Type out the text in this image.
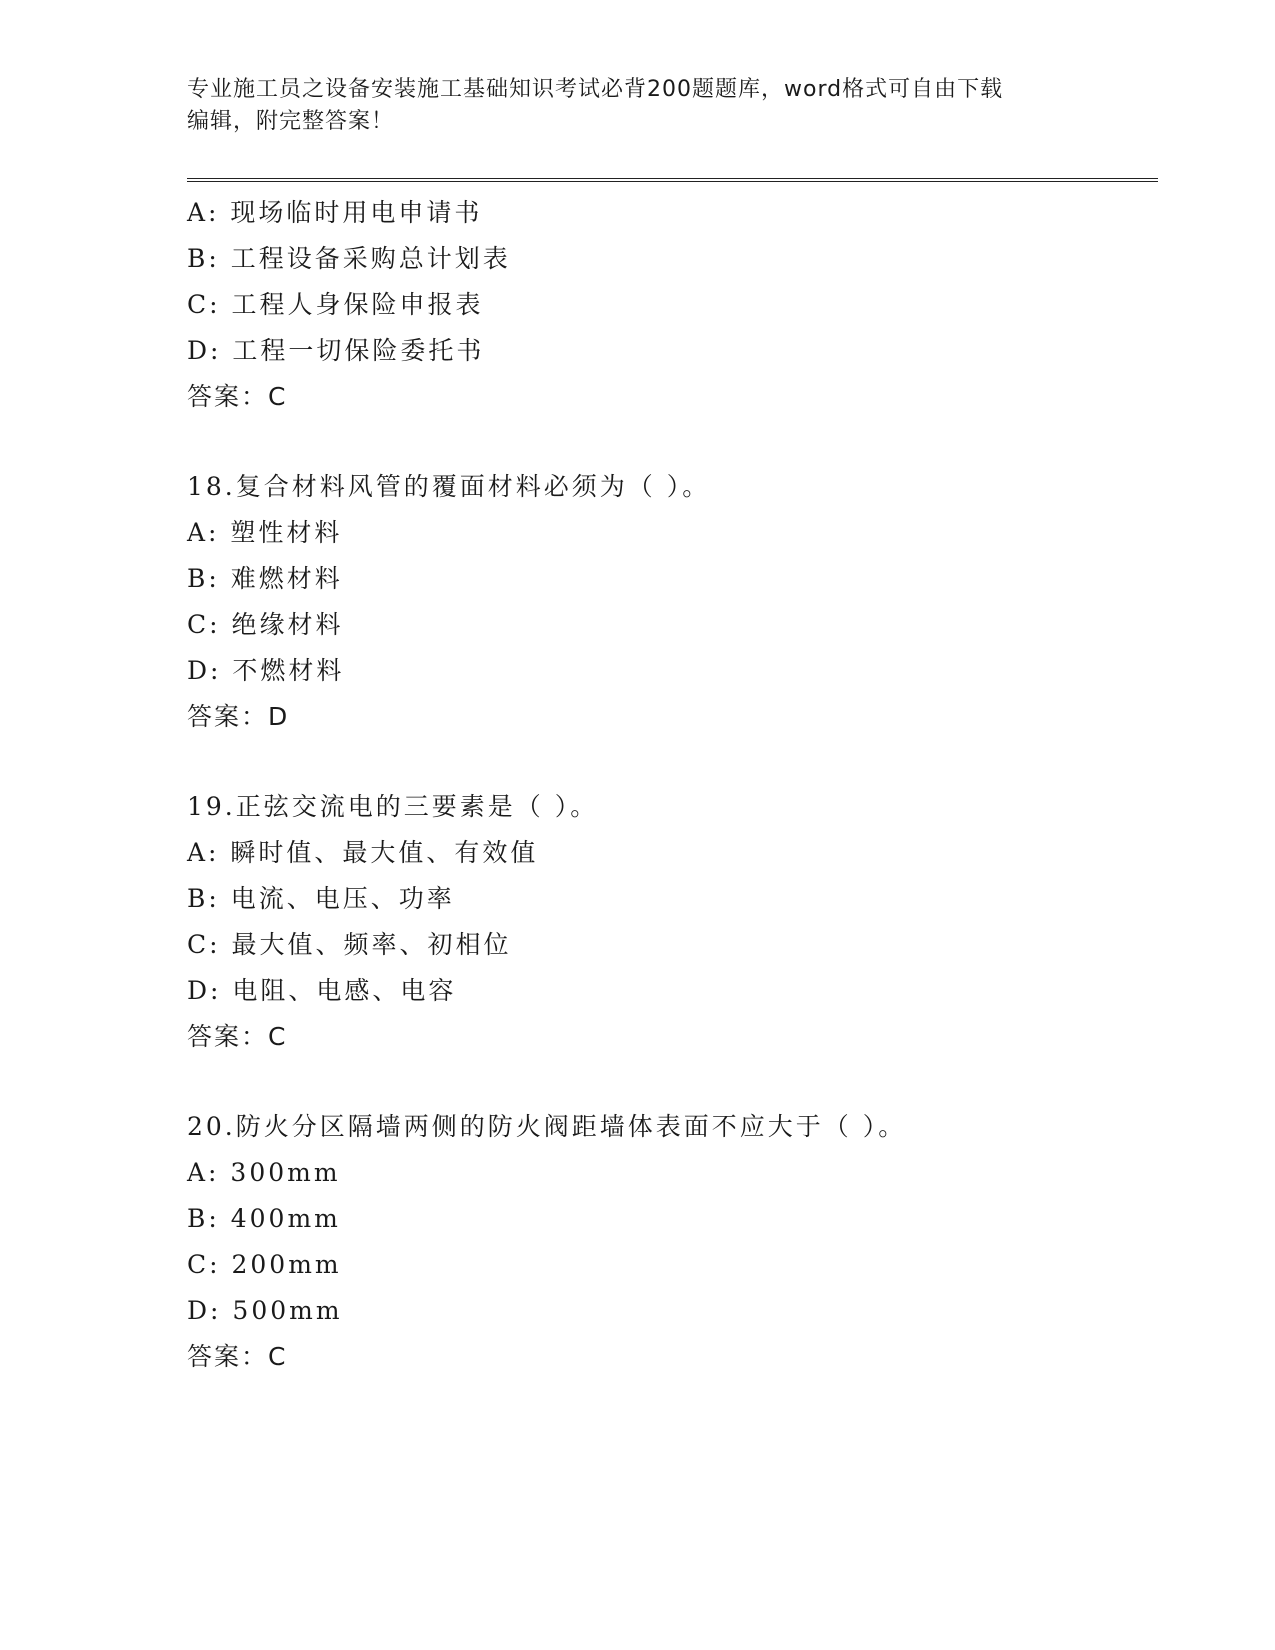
专业施工员之设备安装施工基础知识考试必背200题题库，word格式可自由下载
编辑，附完整答案！
A: 现场临时用电申请书
B: 工程设备采购总计划表
C: 工程人身保险申报表
D: 工程一切保险委托书
答案：C
18.复合材料风管的覆面材料必须为（ ）。
A: 塑性材料
B: 难燃材料
C: 绝缘材料
D: 不燃材料
答案：D
19.正弦交流电的三要素是（ ）。
A: 瞬时值、最大值、有效值
B: 电流、电压、功率
C: 最大值、频率、初相位
D: 电阻、电感、电容
答案：C
20.防火分区隔墙两侧的防火阀距墙体表面不应大于（ ）。
A: 300mm
B: 400mm
C: 200mm
D: 500mm
答案：C
